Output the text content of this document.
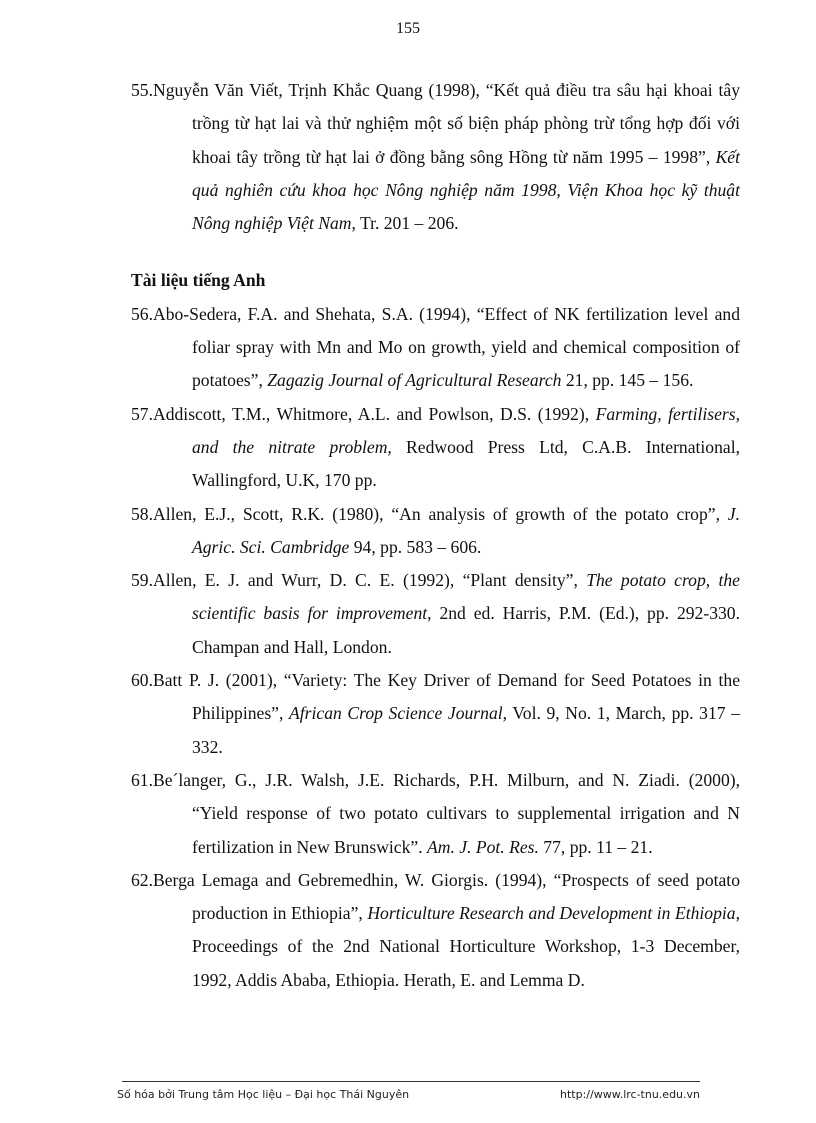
155
55.Nguyễn Văn Viết, Trịnh Khắc Quang (1998), “Kết quả điều tra sâu hại khoai tây trồng từ hạt lai và thử nghiệm một số biện pháp phòng trừ tổng hợp đối với khoai tây trồng từ hạt lai ở đồng bằng sông Hồng từ năm 1995 – 1998”, Kết quả nghiên cứu khoa học Nông nghiệp năm 1998, Viện Khoa học kỹ thuật Nông nghiệp Việt Nam, Tr. 201 – 206.
Tài liệu tiếng Anh
56.Abo-Sedera, F.A. and Shehata, S.A. (1994), “Effect of NK fertilization level and foliar spray with Mn and Mo on growth, yield and chemical composition of potatoes”, Zagazig Journal of Agricultural Research 21, pp. 145 – 156.
57.Addiscott, T.M., Whitmore, A.L. and Powlson, D.S. (1992), Farming, fertilisers, and the nitrate problem, Redwood Press Ltd, C.A.B. International, Wallingford, U.K, 170 pp.
58.Allen, E.J., Scott, R.K. (1980), “An analysis of growth of the potato crop”, J. Agric. Sci. Cambridge 94, pp. 583 – 606.
59.Allen, E. J. and Wurr, D. C. E. (1992), “Plant density”, The potato crop, the scientific basis for improvement, 2nd ed. Harris, P.M. (Ed.), pp. 292-330. Champan and Hall, London.
60.Batt P. J. (2001), “Variety: The Key Driver of Demand for Seed Potatoes in the Philippines”, African Crop Science Journal, Vol. 9, No. 1, March, pp. 317 – 332.
61.Be´langer, G., J.R. Walsh, J.E. Richards, P.H. Milburn, and N. Ziadi. (2000), “Yield response of two potato cultivars to supplemental irrigation and N fertilization in New Brunswick”. Am. J. Pot. Res. 77, pp. 11 – 21.
62.Berga Lemaga and Gebremedhin, W. Giorgis. (1994), “Prospects of seed potato production in Ethiopia”, Horticulture Research and Development in Ethiopia, Proceedings of the 2nd National Horticulture Workshop, 1-3 December, 1992, Addis Ababa, Ethiopia. Herath, E. and Lemma D.
Số hóa bởi Trung tâm Học liệu – Đại học Thái Nguyên	http://www.lrc-tnu.edu.vn
